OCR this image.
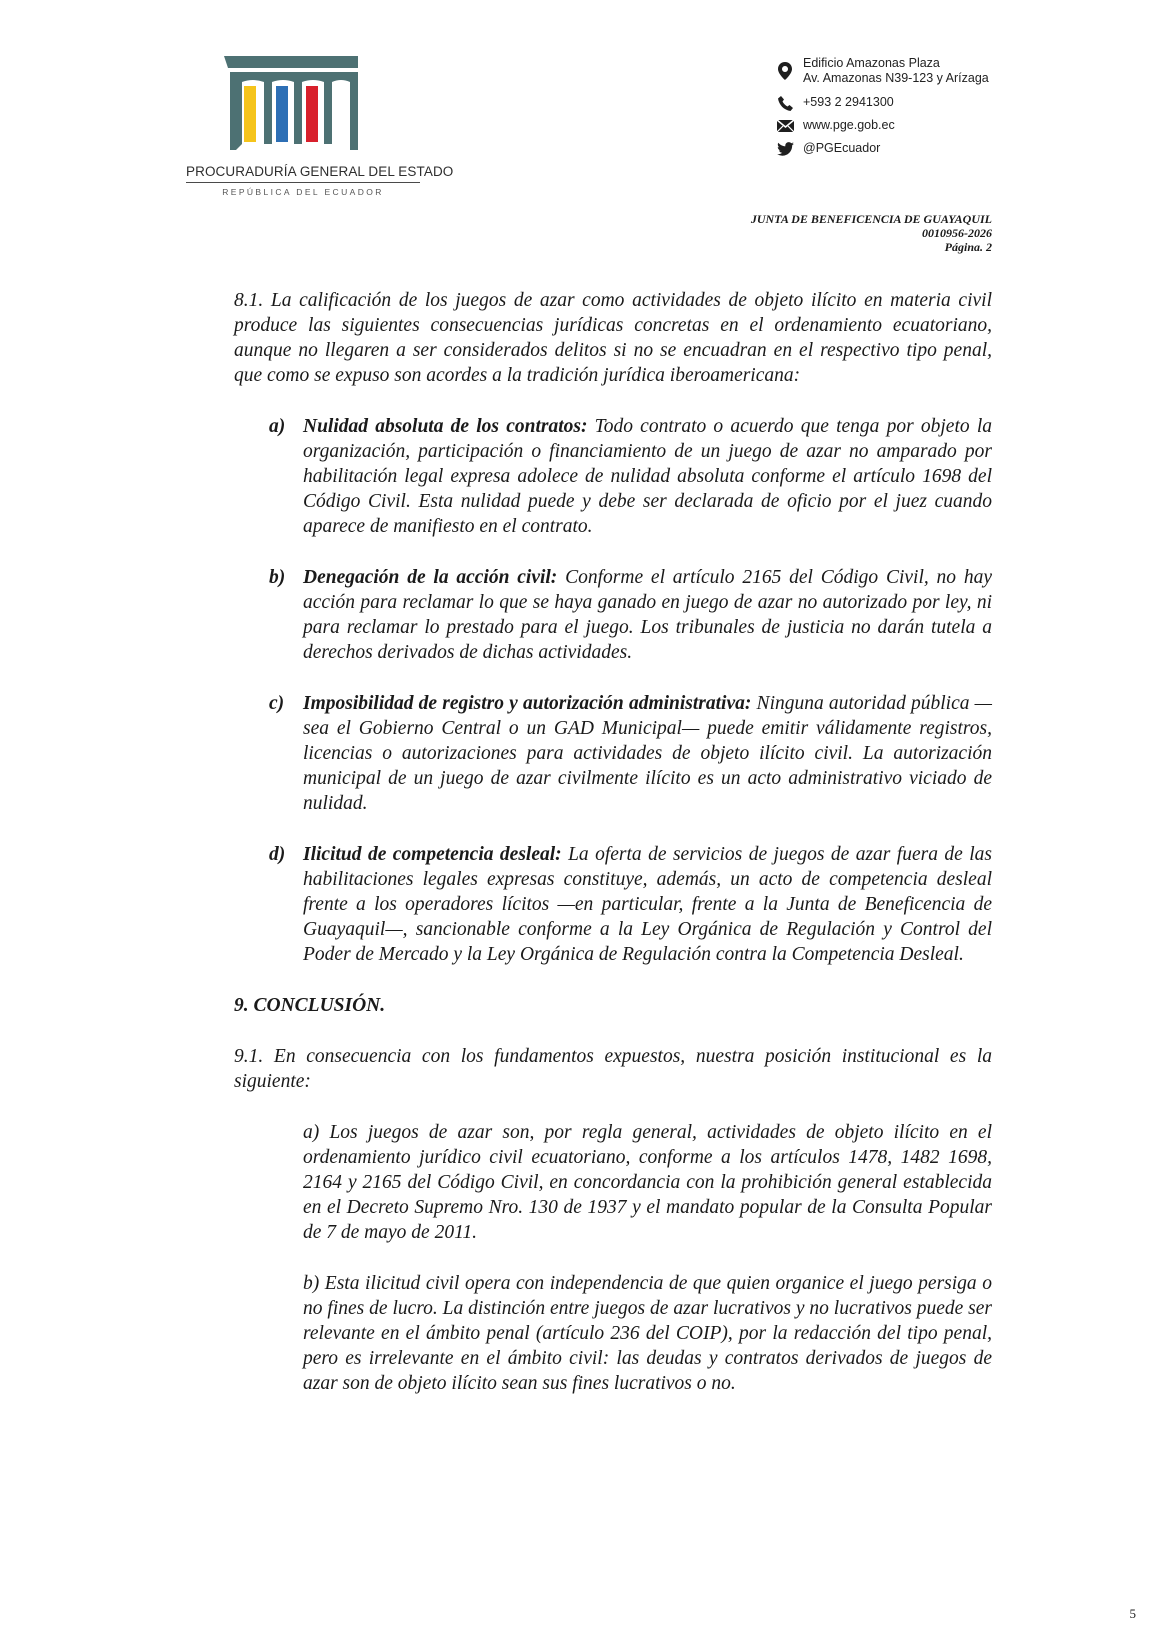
PROCURADURÍA GENERAL DEL ESTADO
REPÚBLICA DEL ECUADOR
Edificio Amazonas Plaza
Av. Amazonas N39-123 y Arízaga
+593 2 2941300
www.pge.gob.ec
@PGEcuador
JUNTA DE BENEFICENCIA DE GUAYAQUIL
0010956-2026
Página. 2

8.1. La calificación de los juegos de azar como actividades de objeto ilícito en materia civil produce las siguientes consecuencias jurídicas concretas en el ordenamiento ecuatoriano, aunque no llegaren a ser considerados delitos si no se encuadran en el respectivo tipo penal, que como se expuso son acordes a la tradición jurídica iberoamericana:

a) Nulidad absoluta de los contratos: Todo contrato o acuerdo que tenga por objeto la organización, participación o financiamiento de un juego de azar no amparado por habilitación legal expresa adolece de nulidad absoluta conforme el artículo 1698 del Código Civil. Esta nulidad puede y debe ser declarada de oficio por el juez cuando aparece de manifiesto en el contrato.
b) Denegación de la acción civil: Conforme el artículo 2165 del Código Civil, no hay acción para reclamar lo que se haya ganado en juego de azar no autorizado por ley, ni para reclamar lo prestado para el juego. Los tribunales de justicia no darán tutela a derechos derivados de dichas actividades.
c) Imposibilidad de registro y autorización administrativa: Ninguna autoridad pública —sea el Gobierno Central o un GAD Municipal— puede emitir válidamente registros, licencias o autorizaciones para actividades de objeto ilícito civil. La autorización municipal de un juego de azar civilmente ilícito es un acto administrativo viciado de nulidad.
d) Ilicitud de competencia desleal: La oferta de servicios de juegos de azar fuera de las habilitaciones legales expresas constituye, además, un acto de competencia desleal frente a los operadores lícitos —en particular, frente a la Junta de Beneficencia de Guayaquil—, sancionable conforme a la Ley Orgánica de Regulación y Control del Poder de Mercado y la Ley Orgánica de Regulación contra la Competencia Desleal.

9. CONCLUSIÓN.

9.1. En consecuencia con los fundamentos expuestos, nuestra posición institucional es la siguiente:

a) Los juegos de azar son, por regla general, actividades de objeto ilícito en el ordenamiento jurídico civil ecuatoriano, conforme a los artículos 1478, 1482 1698, 2164 y 2165 del Código Civil, en concordancia con la prohibición general establecida en el Decreto Supremo Nro. 130 de 1937 y el mandato popular de la Consulta Popular de 7 de mayo de 2011.

b) Esta ilicitud civil opera con independencia de que quien organice el juego persiga o no fines de lucro. La distinción entre juegos de azar lucrativos y no lucrativos puede ser relevante en el ámbito penal (artículo 236 del COIP), por la redacción del tipo penal, pero es irrelevante en el ámbito civil: las deudas y contratos derivados de juegos de azar son de objeto ilícito sean sus fines lucrativos o no.

5
